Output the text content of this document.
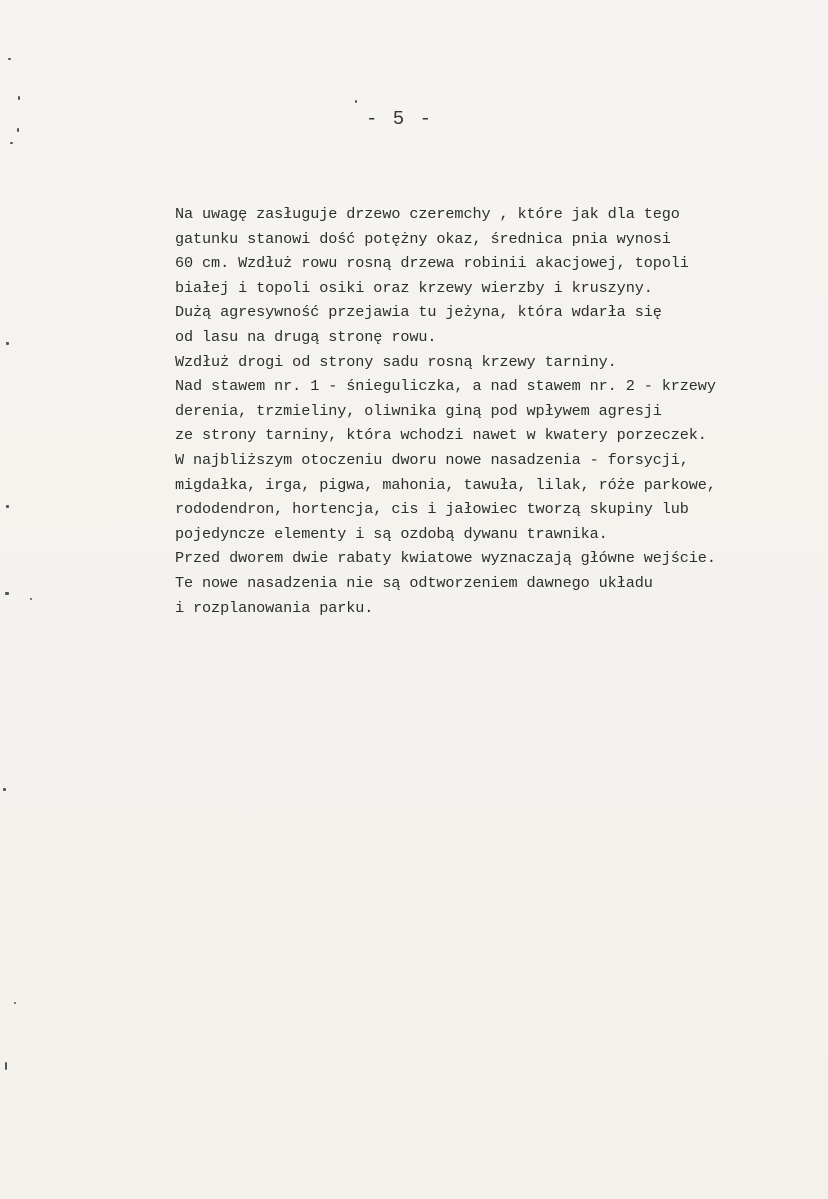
- 5 -
Na uwagę zasługuje drzewo czeremchy , które jak dla tego
gatunku stanowi dość potężny okaz, średnica pnia wynosi
60 cm. Wzdłuż rowu rosną drzewa robinii akacjowej, topoli
białej i topoli osiki oraz krzewy wierzby i kruszyny.
Dużą agresywność przejawia tu jeżyna, która wdarła się
od lasu na drugą stronę rowu.
Wzdłuż drogi od strony sadu rosną krzewy tarniny.
Nad stawem nr. 1 - śnieguliczka, a nad stawem nr. 2 - krzewy
derenia, trzmieliny, oliwnika giną pod wpływem agresji
ze strony tarniny, która wchodzi nawet w kwatery porzeczek.
W najbliższym otoczeniu dworu nowe nasadzenia - forsycji,
migdałka, irga, pigwa, mahonia, tawuła, lilak, róże parkowe,
rododendron, hortencja, cis i jałowiec tworzą skupiny lub
pojedyncze elementy i są ozdobą dywanu trawnika.
Przed dworem dwie rabaty kwiatowe wyznaczają główne wejście.
Te nowe nasadzenia nie są odtworzeniem dawnego układu
i rozplanowania parku.
